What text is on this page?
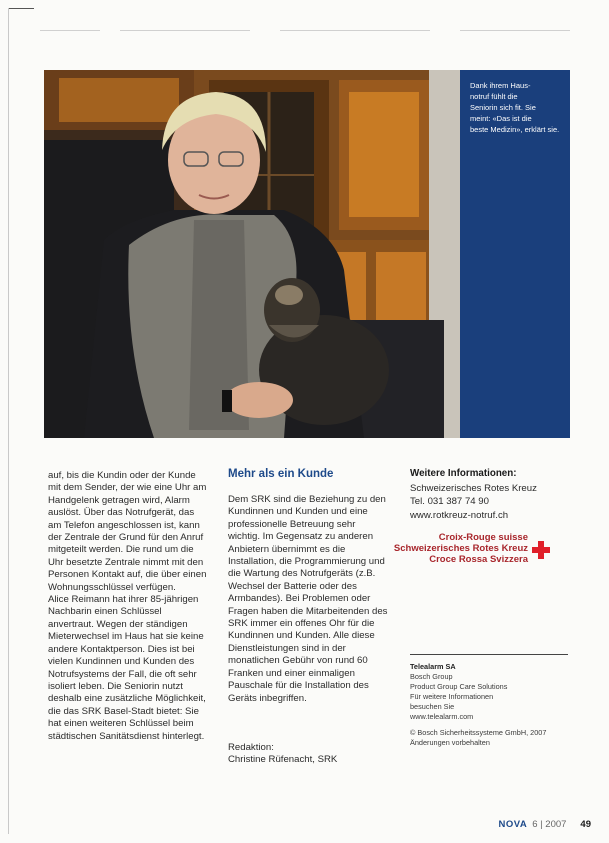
Dank ihrem Haus-
notruf fühlt die
Seniorin sich fit. Sie
meint: «Das ist die
beste Medizin», erklärt sie.

auf, bis die Kundin oder der Kunde mit dem Sender, der wie eine Uhr am Handgelenk getragen wird, Alarm auslöst. Über das Notrufgerät, das am Telefon angeschlossen ist, kann der Zentrale der Grund für den Anruf mitgeteilt werden. Die rund um die Uhr besetzte Zentrale nimmt mit den Personen Kontakt auf, die über einen Wohnungsschlüssel verfügen.

Alice Reimann hat ihrer 85-jährigen Nachbarin einen Schlüssel anvertraut. Wegen der ständigen Mieterwechsel im Haus hat sie keine andere Kontaktperson. Dies ist bei vielen Kundinnen und Kunden des Notrufsystems der Fall, die oft sehr isoliert leben. Die Seniorin nutzt deshalb eine zusätzliche Möglichkeit, die das SRK Basel-Stadt bietet: Sie hat einen weiteren Schlüssel beim städtischen Sanitätsdienst hinterlegt.

Mehr als ein Kunde

Dem SRK sind die Beziehung zu den Kundinnen und Kunden und eine professionelle Betreuung sehr wichtig. Im Gegensatz zu anderen Anbietern übernimmt es die Installation, die Programmierung und die Wartung des Notrufgeräts (z.B. Wechsel der Batterie oder des Armbandes). Bei Problemen oder Fragen haben die Mitarbeitenden des SRK immer ein offenes Ohr für die Kundinnen und Kunden. Alle diese Dienstleistungen sind in der monatlichen Gebühr von rund 60 Franken und einer einmaligen Pauschale für die Installation des Geräts inbegriffen.

Redaktion:
Christine Rüfenacht, SRK
Weitere Informationen:
Schweizerisches Rotes Kreuz
Tel. 031 387 74 90
www.rotkreuz-notruf.ch
Croix-Rouge suisse
Schweizerisches Rotes Kreuz
Croce Rossa Svizzera
Telealarm SA
Bosch Group
Product Group Care Solutions
Für weitere Informationen
besuchen Sie
www.telealarm.com
© Bosch Sicherheitssysteme GmbH, 2007
Änderungen vorbehalten
NOVA 6 | 2007 49
